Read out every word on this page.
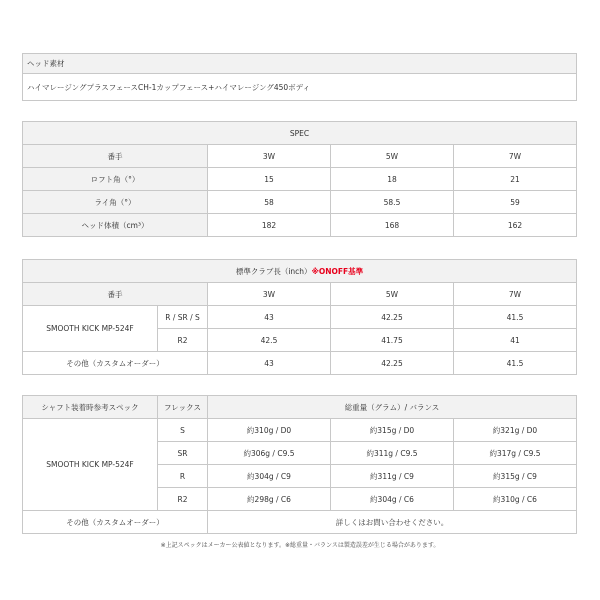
ヘッド素材
ハイマレージングプラスフェースCH-1カップフェース+ハイマレージング450ボディ
SPEC			
番手	3W	5W	7W
ロフト角（°）	15	18	21
ライ角（°）	58	58.5	59
ヘッド体積（cm³）	182	168	162
標準クラブ長（inch）※ONOFF基準				
番手		3W	5W	7W
SMOOTH KICK MP-524F	R / SR / S	43	42.25	41.5
	R2	42.5	41.75	41
その他（カスタムオーダー）		43	42.25	41.5
シャフト装着時参考スペック	フレックス	総重量（グラム）/ バランス		
SMOOTH KICK MP-524F	S	約310g / D0	約315g / D0	約321g / D0
	SR	約306g / C9.5	約311g / C9.5	約317g / C9.5
	R	約304g / C9	約311g / C9	約315g / C9
	R2	約298g / C6	約304g / C6	約310g / C6
その他（カスタムオーダー）		詳しくはお問い合わせください。		
※上記スペックはメーカー公表値となります。※総重量・バランスは製造誤差が生じる場合があります。
